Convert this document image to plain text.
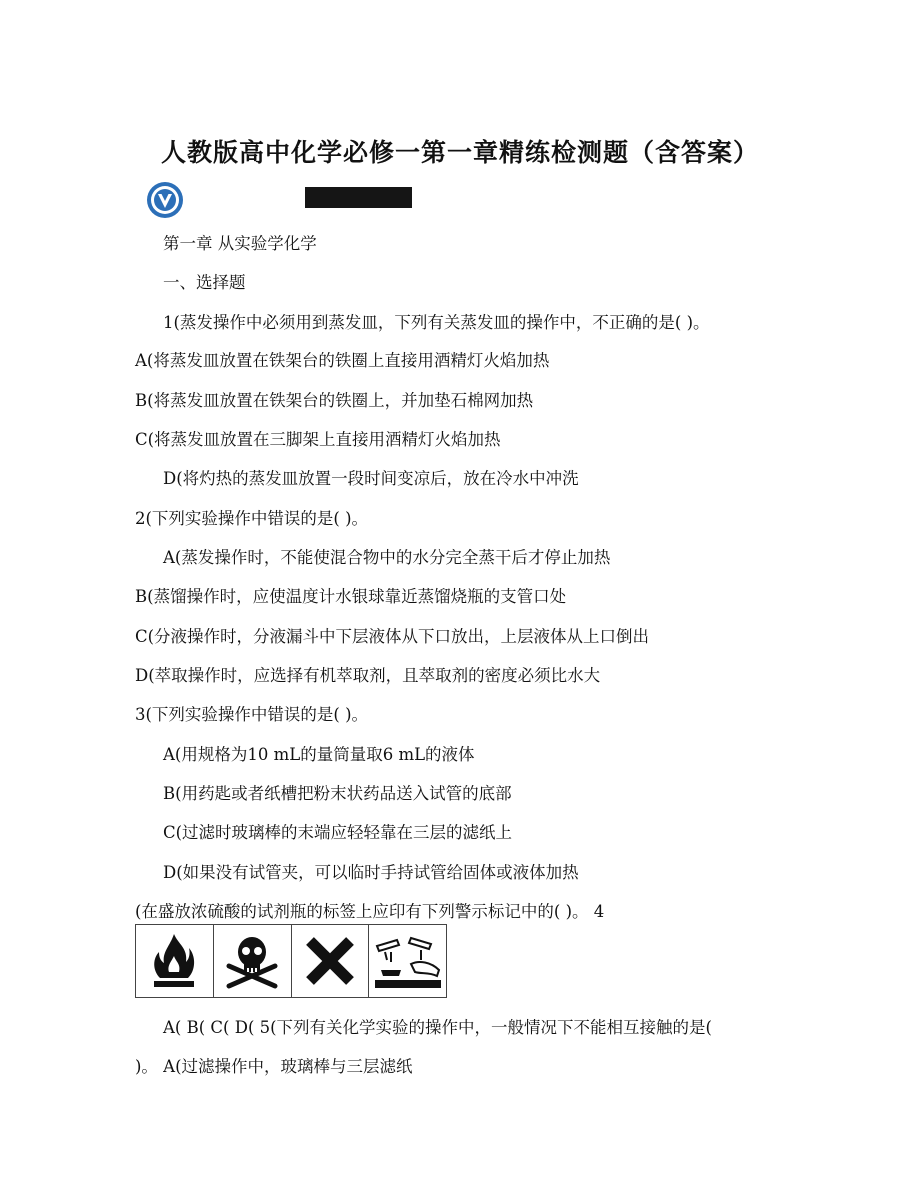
人教版高中化学必修一第一章精练检测题（含答案）
第一章 从实验学化学
一、选择题
1(蒸发操作中必须用到蒸发皿，下列有关蒸发皿的操作中，不正确的是( )。
A(将蒸发皿放置在铁架台的铁圈上直接用酒精灯火焰加热
B(将蒸发皿放置在铁架台的铁圈上，并加垫石棉网加热
C(将蒸发皿放置在三脚架上直接用酒精灯火焰加热
D(将灼热的蒸发皿放置一段时间变凉后，放在冷水中冲洗
2(下列实验操作中错误的是( )。
A(蒸发操作时，不能使混合物中的水分完全蒸干后才停止加热
B(蒸馏操作时，应使温度计水银球靠近蒸馏烧瓶的支管口处
C(分液操作时，分液漏斗中下层液体从下口放出，上层液体从上口倒出
D(萃取操作时，应选择有机萃取剂，且萃取剂的密度必须比水大
3(下列实验操作中错误的是( )。
A(用规格为10 mL的量筒量取6 mL的液体
B(用药匙或者纸槽把粉末状药品送入试管的底部
C(过滤时玻璃棒的末端应轻轻靠在三层的滤纸上
D(如果没有试管夹，可以临时手持试管给固体或液体加热
(在盛放浓硫酸的试剂瓶的标签上应印有下列警示标记中的( )。 4
A( B( C( D( 5(下列有关化学实验的操作中，一般情况下不能相互接触的是(
)。 A(过滤操作中，玻璃棒与三层滤纸
